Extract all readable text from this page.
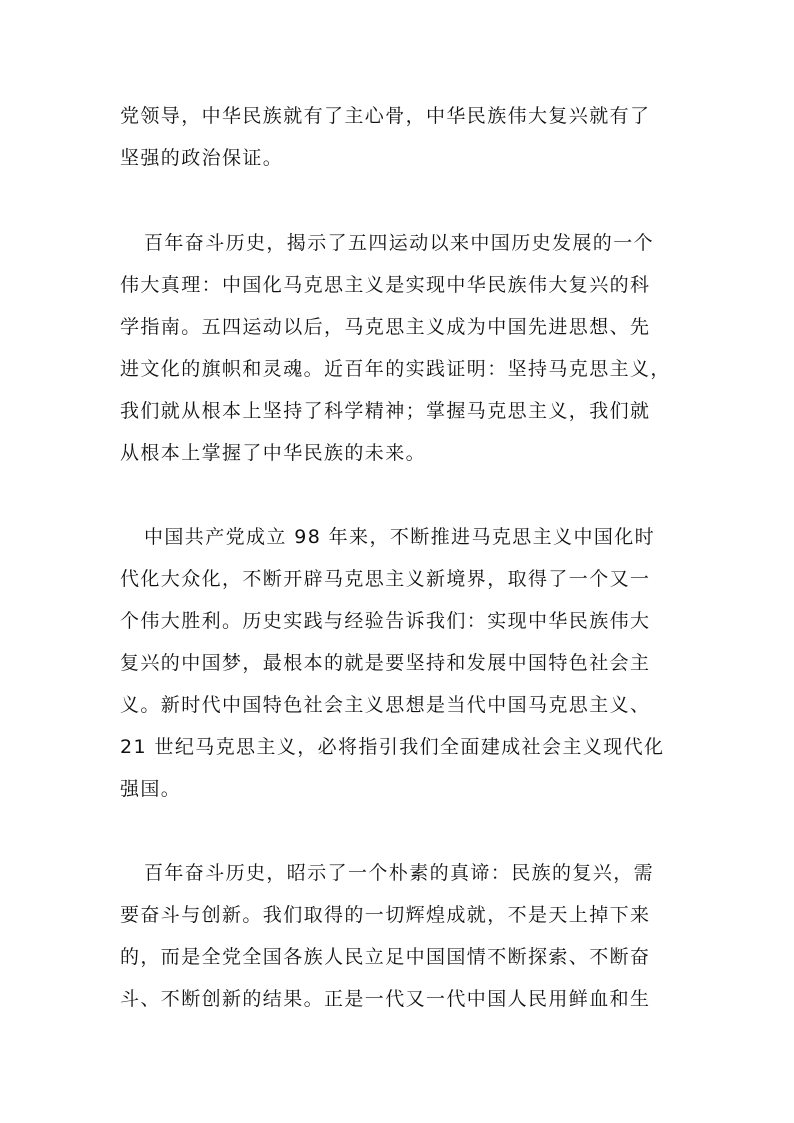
党领导，中华民族就有了主心骨，中华民族伟大复兴就有了
坚强的政治保证。
百年奋斗历史，揭示了五四运动以来中国历史发展的一个
伟大真理：中国化马克思主义是实现中华民族伟大复兴的科
学指南。五四运动以后，马克思主义成为中国先进思想、先
进文化的旗帜和灵魂。近百年的实践证明：坚持马克思主义，
我们就从根本上坚持了科学精神；掌握马克思主义，我们就
从根本上掌握了中华民族的未来。
中国共产党成立 98 年来，不断推进马克思主义中国化时
代化大众化，不断开辟马克思主义新境界，取得了一个又一
个伟大胜利。历史实践与经验告诉我们：实现中华民族伟大
复兴的中国梦，最根本的就是要坚持和发展中国特色社会主
义。新时代中国特色社会主义思想是当代中国马克思主义、
21 世纪马克思主义，必将指引我们全面建成社会主义现代化
强国。
百年奋斗历史，昭示了一个朴素的真谛：民族的复兴，需
要奋斗与创新。我们取得的一切辉煌成就，不是天上掉下来
的，而是全党全国各族人民立足中国国情不断探索、不断奋
斗、不断创新的结果。正是一代又一代中国人民用鲜血和生
